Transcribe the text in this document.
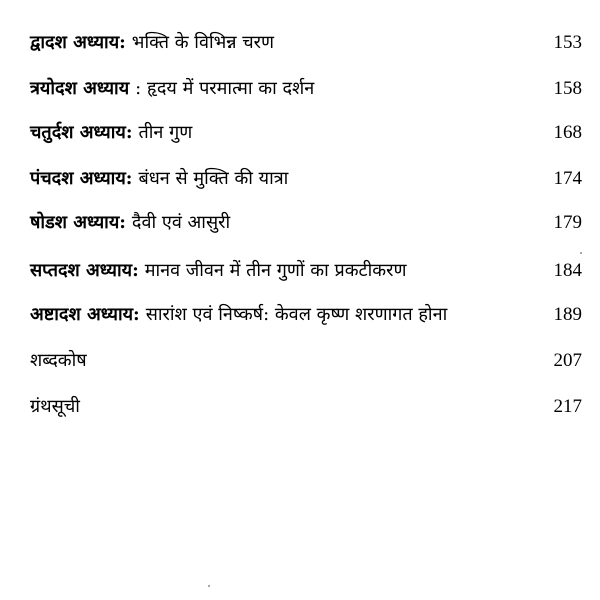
द्वादश अध्याय: भक्ति के विभिन्न चरण	153
त्रयोदश अध्याय : हृदय में परमात्मा का दर्शन	158
चतुर्दश अध्याय: तीन गुण	168
पंचदश अध्याय: बंधन से मुक्ति की यात्रा	174
षोडश अध्याय: दैवी एवं आसुरी	179
सप्तदश अध्याय: मानव जीवन में तीन गुणों का प्रकटीकरण	184
अष्टादश अध्याय: सारांश एवं निष्कर्ष: केवल कृष्ण शरणागत होना	189
शब्दकोष	207
ग्रंथसूची	217
